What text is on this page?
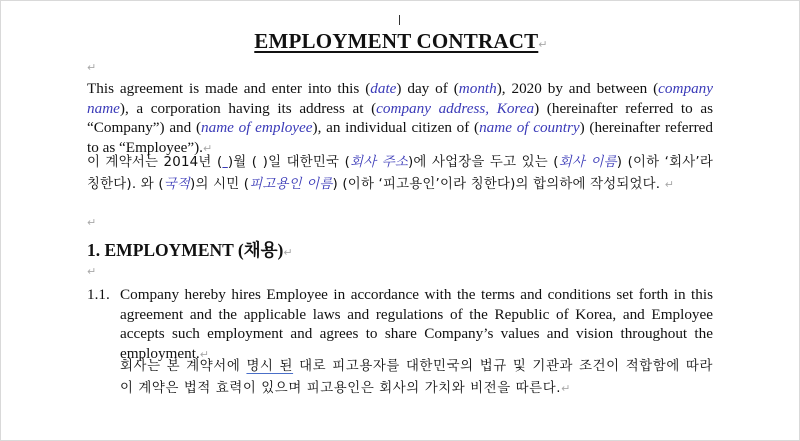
EMPLOYMENT CONTRACT↵
↵
This agreement is made and enter into this (date) day of (month), 2020 by and between (company name), a corporation having its address at (company address, Korea) (hereinafter referred to as “Company”) and (name of employee), an individual citizen of (name of country) (hereinafter referred to as “Employee”).↵
이 계약서는 2014년 ( )월 ( )일 대한민국 (회사 주소)에 사업장을 두고 있는 (회사 이름) (이하 ‘회사’라 칭한다). 와 (국적)의 시민 (피고용인 이름) (이하 ‘피고용인’이라 칭한다)의 합의하에 작성되었다. ↵
↵
1. EMPLOYMENT (채용)↵
↵
1.1. Company hereby hires Employee in accordance with the terms and conditions set forth in this agreement and the applicable laws and regulations of the Republic of Korea, and Employee accepts such employment and agrees to share Company’s values and vision throughout the employment.↵
회사는 본 계약서에 명시 된 대로 피고용자를 대한민국의 법규 및 기관과 조건이 적합함에 따라 이 계약은 법적 효력이 있으며 피고용인은 회사의 가치와 비전을 따른다.↵
